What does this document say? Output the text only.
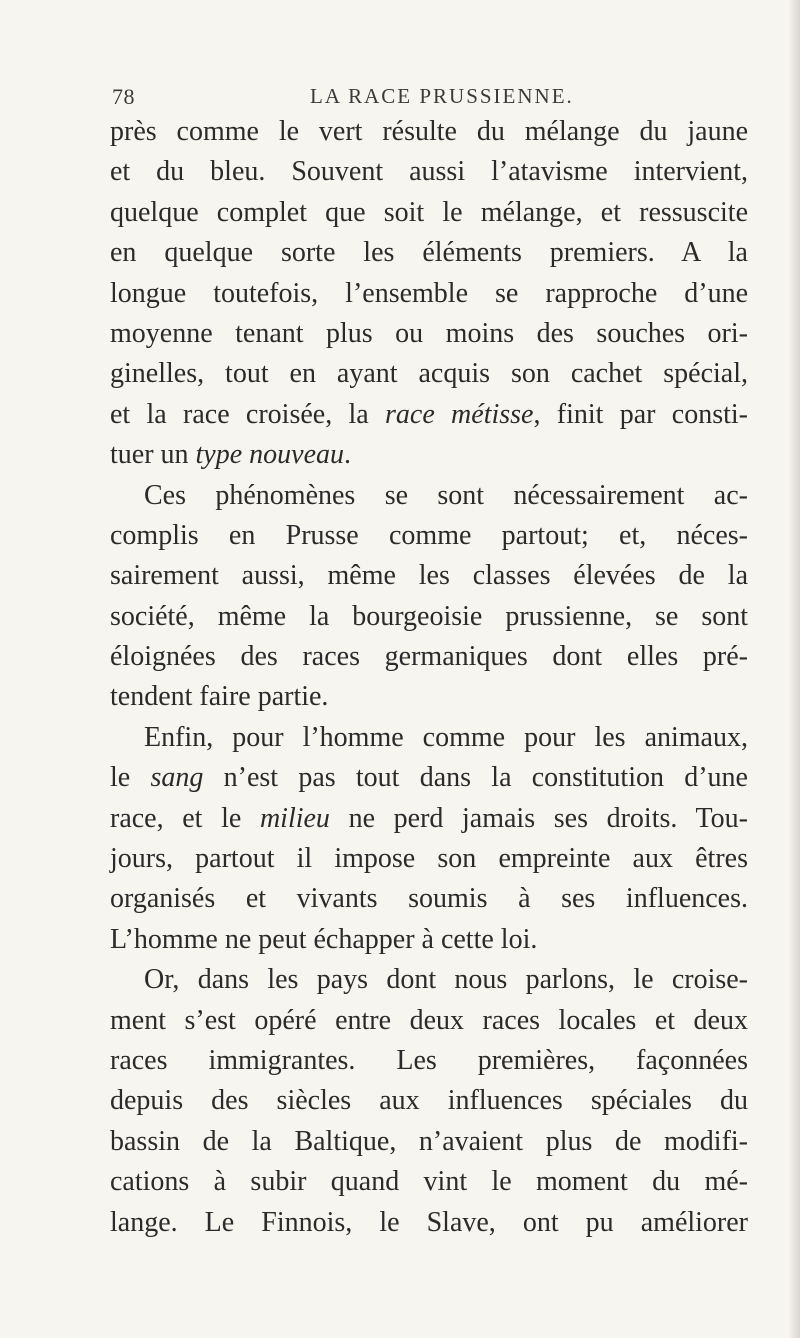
78	LA RACE PRUSSIENNE.
près comme le vert résulte du mélange du jaune
et du bleu. Souvent aussi l’atavisme intervient,
quelque complet que soit le mélange, et ressuscite
en quelque sorte les éléments premiers. A la
longue toutefois, l’ensemble se rapproche d’une
moyenne tenant plus ou moins des souches ori-
ginelles, tout en ayant acquis son cachet spécial,
et la race croisée, la race métisse, finit par consti-
tuer un type nouveau.
Ces phénomènes se sont nécessairement ac-
complis en Prusse comme partout; et, néces-
sairement aussi, même les classes élevées de la
société, même la bourgeoisie prussienne, se sont
éloignées des races germaniques dont elles pré-
tendent faire partie.
Enfin, pour l’homme comme pour les animaux,
le sang n’est pas tout dans la constitution d’une
race, et le milieu ne perd jamais ses droits. Tou-
jours, partout il impose son empreinte aux êtres
organisés et vivants soumis à ses influences.
L’homme ne peut échapper à cette loi.
Or, dans les pays dont nous parlons, le croise-
ment s’est opéré entre deux races locales et deux
races immigrantes. Les premières, façonnées
depuis des siècles aux influences spéciales du
bassin de la Baltique, n’avaient plus de modifi-
cations à subir quand vint le moment du mé-
lange. Le Finnois, le Slave, ont pu améliorer
